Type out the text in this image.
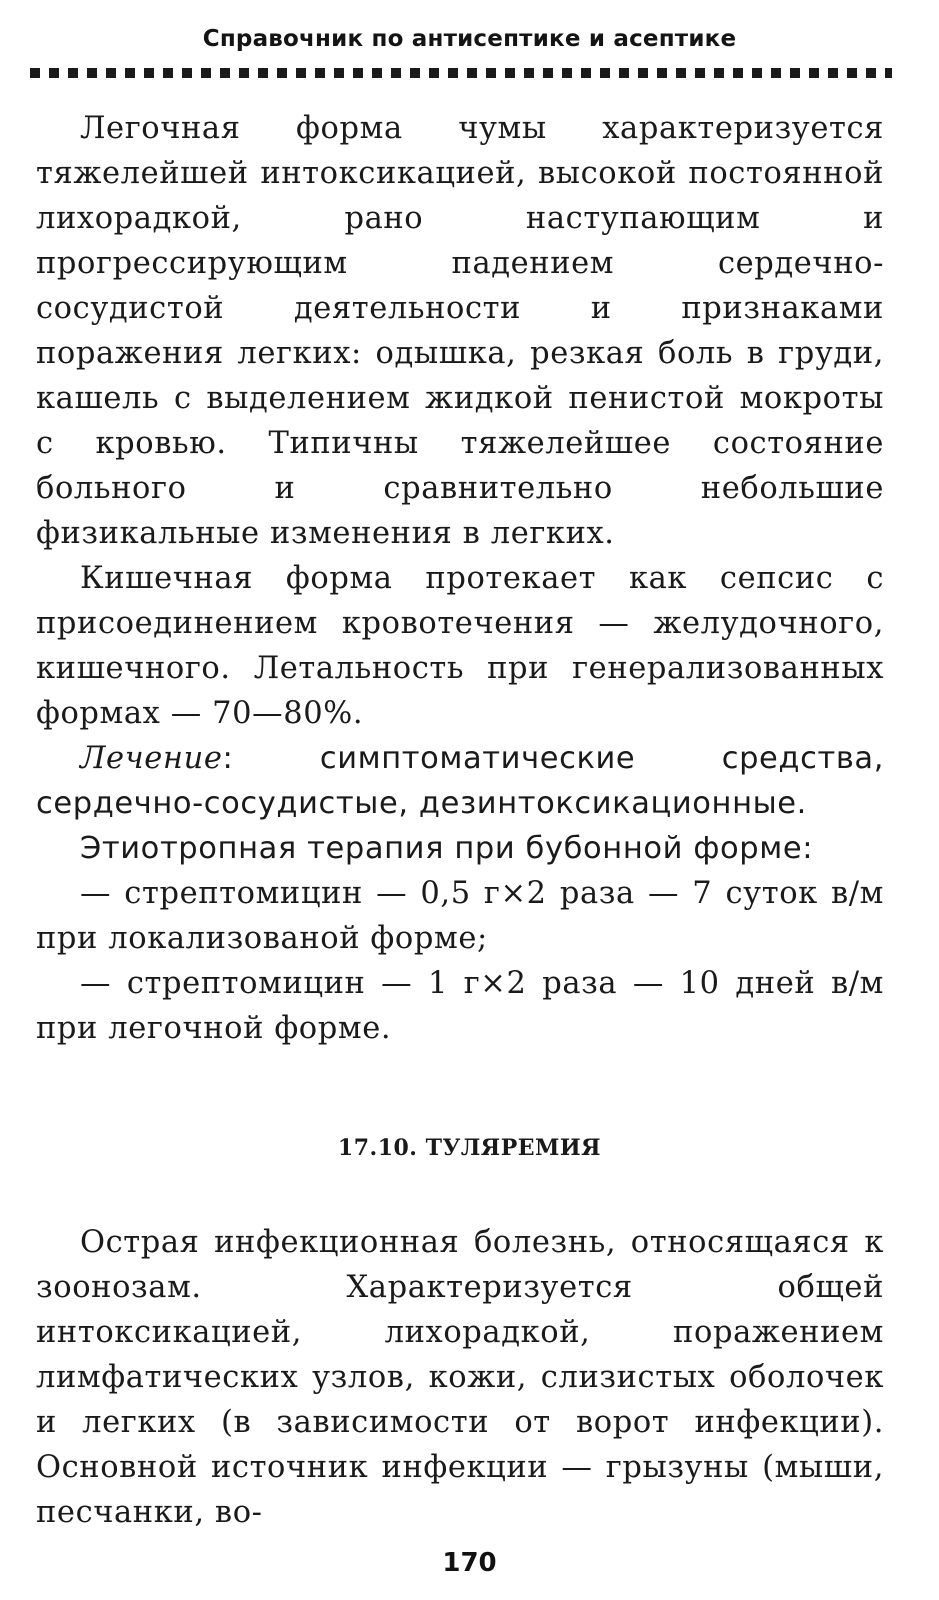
Справочник по антисептике и асептике

Легочная форма чумы характеризуется тяжелейшей интоксикацией, высокой постоянной лихорадкой, рано наступающим и прогрессирующим падением сердечно-сосудистой деятельности и признаками поражения легких: одышка, резкая боль в груди, кашель с выделением жидкой пенистой мокроты с кровью. Типичны тяжелейшее состояние больного и сравнительно небольшие физикальные изменения в легких.

Кишечная форма протекает как сепсис с присоединением кровотечения — желудочного, кишечного. Летальность при генерализованных формах — 70—80%.

Лечение: симптоматические средства, сердечно-сосудистые, дезинтоксикационные.

Этиотропная терапия при бубонной форме:

— стрептомицин — 0,5 г×2 раза — 7 суток в/м при локализованой форме;

— стрептомицин — 1 г×2 раза — 10 дней в/м при легочной форме.

17.10. ТУЛЯРЕМИЯ

Острая инфекционная болезнь, относящаяся к зоонозам. Характеризуется общей интоксикацией, лихорадкой, поражением лимфатических узлов, кожи, слизистых оболочек и легких (в зависимости от ворот инфекции). Основной источник инфекции — грызуны (мыши, песчанки, во-

170
